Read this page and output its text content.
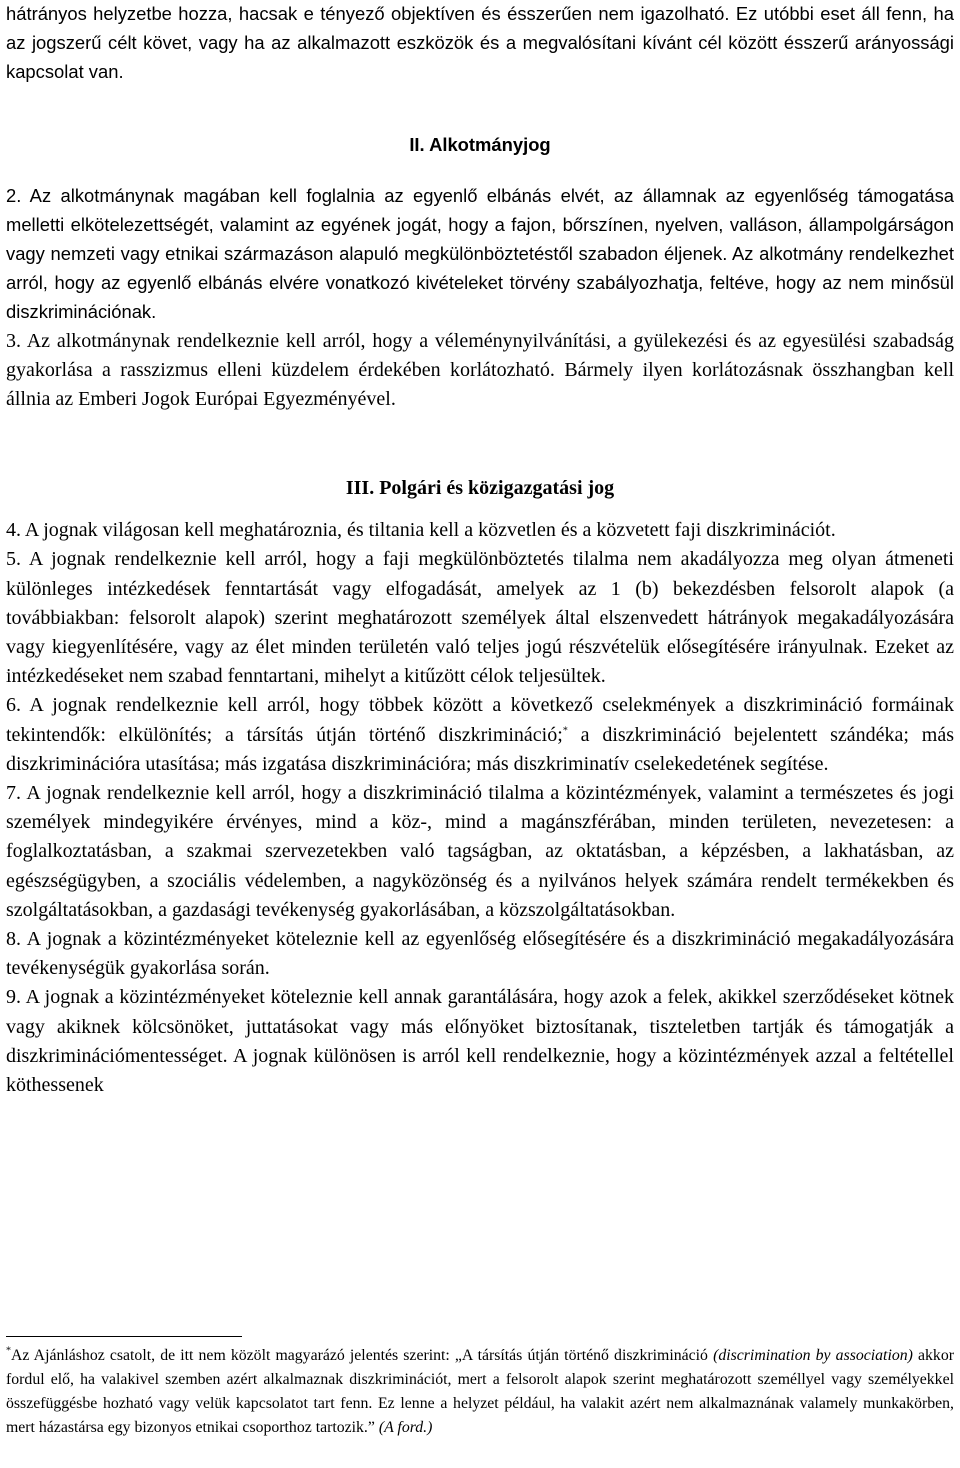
hátrányos helyzetbe hozza, hacsak e tényező objektíven és ésszerűen nem igazolható. Ez utóbbi eset áll fenn, ha az jogszerű célt követ, vagy ha az alkalmazott eszközök és a megvalósítani kívánt cél között ésszerű arányossági kapcsolat van.

II. Alkotmányjog

2. Az alkotmánynak magában kell foglalnia az egyenlő elbánás elvét, az államnak az egyenlőség támogatása melletti elkötelezettségét, valamint az egyének jogát, hogy a fajon, bőrszínen, nyelven, valláson, állampolgárságon vagy nemzeti vagy etnikai származáson alapuló megkülönböztetéstől szabadon éljenek. Az alkotmány rendelkezhet arról, hogy az egyenlő elbánás elvére vonatkozó kivételeket törvény szabályozhatja, feltéve, hogy az nem minősül diszkriminációnak.

3. Az alkotmánynak rendelkeznie kell arról, hogy a véleménynyilvánítási, a gyülekezési és az egyesülési szabadság gyakorlása a rasszizmus elleni küzdelem érdekében korlátozható. Bármely ilyen korlátozásnak összhangban kell állnia az Emberi Jogok Európai Egyezményével.

III. Polgári és közigazgatási jog

4. A jognak világosan kell meghatároznia, és tiltania kell a közvetlen és a közvetett faji diszkriminációt.

5. A jognak rendelkeznie kell arról, hogy a faji megkülönböztetés tilalma nem akadályozza meg olyan átmeneti különleges intézkedések fenntartását vagy elfogadását, amelyek az 1 (b) bekezdésben felsorolt alapok (a továbbiakban: felsorolt alapok) szerint meghatározott személyek által elszenvedett hátrányok megakadályozására vagy kiegyenlítésére, vagy az élet minden területén való teljes jogú részvételük elősegítésére irányulnak. Ezeket az intézkedéseket nem szabad fenntartani, mihelyt a kitűzött célok teljesültek.

6. A jognak rendelkeznie kell arról, hogy többek között a következő cselekmények a diszkrimináció formáinak tekintendők: elkülönítés; a társítás útján történő diszkrimináció;* a diszkrimináció bejelentett szándéka; más diszkriminációra utasítása; más izgatása diszkriminációra; más diszkriminatív cselekedetének segítése.

7. A jognak rendelkeznie kell arról, hogy a diszkrimináció tilalma a közintézmények, valamint a természetes és jogi személyek mindegyikére érvényes, mind a köz-, mind a magánszférában, minden területen, nevezetesen: a foglalkoztatásban, a szakmai szervezetekben való tagságban, az oktatásban, a képzésben, a lakhatásban, az egészségügyben, a szociális védelemben, a nagyközönség és a nyilvános helyek számára rendelt termékekben és szolgáltatásokban, a gazdasági tevékenység gyakorlásában, a közszolgáltatásokban.

8. A jognak a közintézményeket köteleznie kell az egyenlőség elősegítésére és a diszkrimináció megakadályozására tevékenységük gyakorlása során.

9. A jognak a közintézményeket köteleznie kell annak garantálására, hogy azok a felek, akikkel szerződéseket kötnek vagy akiknek kölcsönöket, juttatásokat vagy más előnyöket biztosítanak, tiszteletben tartják és támogatják a diszkriminációmentességet. A jognak különösen is arról kell rendelkeznie, hogy a közintézmények azzal a feltétellel köthessenek

*Az Ajánláshoz csatolt, de itt nem közölt magyarázó jelentés szerint: „A társítás útján történő diszkrimináció (discrimination by association) akkor fordul elő, ha valakivel szemben azért alkalmaznak diszkriminációt, mert a felsorolt alapok szerint meghatározott személlyel vagy személyekkel összefüggésbe hozható vagy velük kapcsolatot tart fenn. Ez lenne a helyzet például, ha valakit azért nem alkalmaznának valamely munkakörben, mert házastársa egy bizonyos etnikai csoporthoz tartozik.” (A ford.)
